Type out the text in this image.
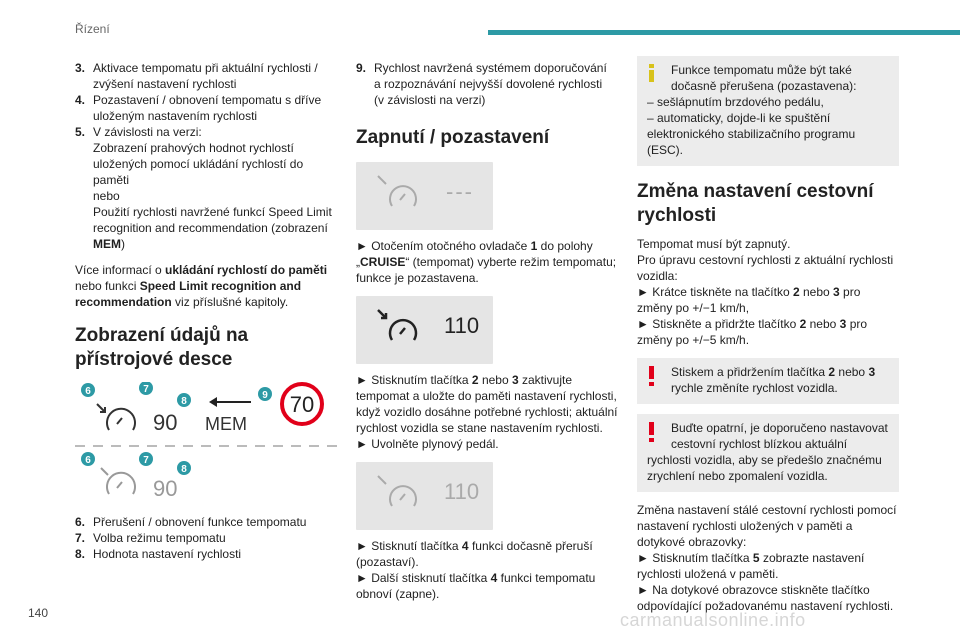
Řízení
3. Aktivace tempomatu při aktuální rychlosti /
zvýšení nastavení rychlosti
4. Pozastavení / obnovení tempomatu s dříve
uloženým nastavením rychlosti
5. V závislosti na verzi:
Zobrazení prahových hodnot rychlostí
uložených pomocí ukládání rychlostí do
paměti
nebo
Použití rychlosti navržené funkcí Speed Limit
recognition and recommendation (zobrazení
MEM)

Více informací o ukládání rychlostí do paměti nebo funkci Speed Limit recognition and recommendation viz příslušné kapitoly.

Zobrazení údajů na přístrojové desce
90 MEM
70
6	7
8
9
6	7
8
90
6. Přerušení / obnovení funkce tempomatu
7. Volba režimu tempomatu
8. Hodnota nastavení rychlosti
9. Rychlost navržená systémem doporučování
a rozpoznávání nejvyšší dovolené rychlosti
(v závislosti na verzi)
Zapnutí / pozastavení
---

► Otočením otočného ovladače 1 do polohy „CRUISE“ (tempomat) vyberte režim tempomatu; funkce je pozastavena.

110

► Stisknutím tlačítka 2 nebo 3 zaktivujte tempomat a uložte do paměti nastavení rychlosti, když vozidlo dosáhne potřebné rychlosti; aktuální rychlost vozidla se stane nastavením rychlosti.

► Uvolněte plynový pedál.

110

► Stisknutí tlačítka 4 funkci dočasně přeruší (pozastaví).

► Další stisknutí tlačítka 4 funkci tempomatu obnoví (zapne).

Funkce tempomatu může být také
dočasně přerušena (pozastavena):

– sešlápnutím brzdového pedálu,
– automaticky, dojde-li ke spuštění elektronického stabilizačního programu (ESC).

Změna nastavení cestovní rychlosti

Tempomat musí být zapnutý.

Pro úpravu cestovní rychlosti z aktuální rychlosti vozidla:

► Krátce tiskněte na tlačítko 2 nebo 3 pro změny po +/−1 km/h,

► Stiskněte a přidržte tlačítko 2 nebo 3 pro změny po +/−5 km/h.

Stiskem a přidržením tlačítka 2 nebo 3 rychle změníte rychlost vozidla.

Buďte opatrní, je doporučeno nastavovat
cestovní rychlost blízkou aktuální

rychlosti vozidla, aby se předešlo značnému zrychlení nebo zpomalení vozidla.

Změna nastavení stálé cestovní rychlosti pomocí nastavení rychlosti uložených v paměti a dotykové obrazovky:

► Stisknutím tlačítka 5 zobrazte nastavení rychlosti uložená v paměti.

► Na dotykové obrazovce stiskněte tlačítko odpovídající požadovanému nastavení rychlosti.

140	carmanualsonline.info
